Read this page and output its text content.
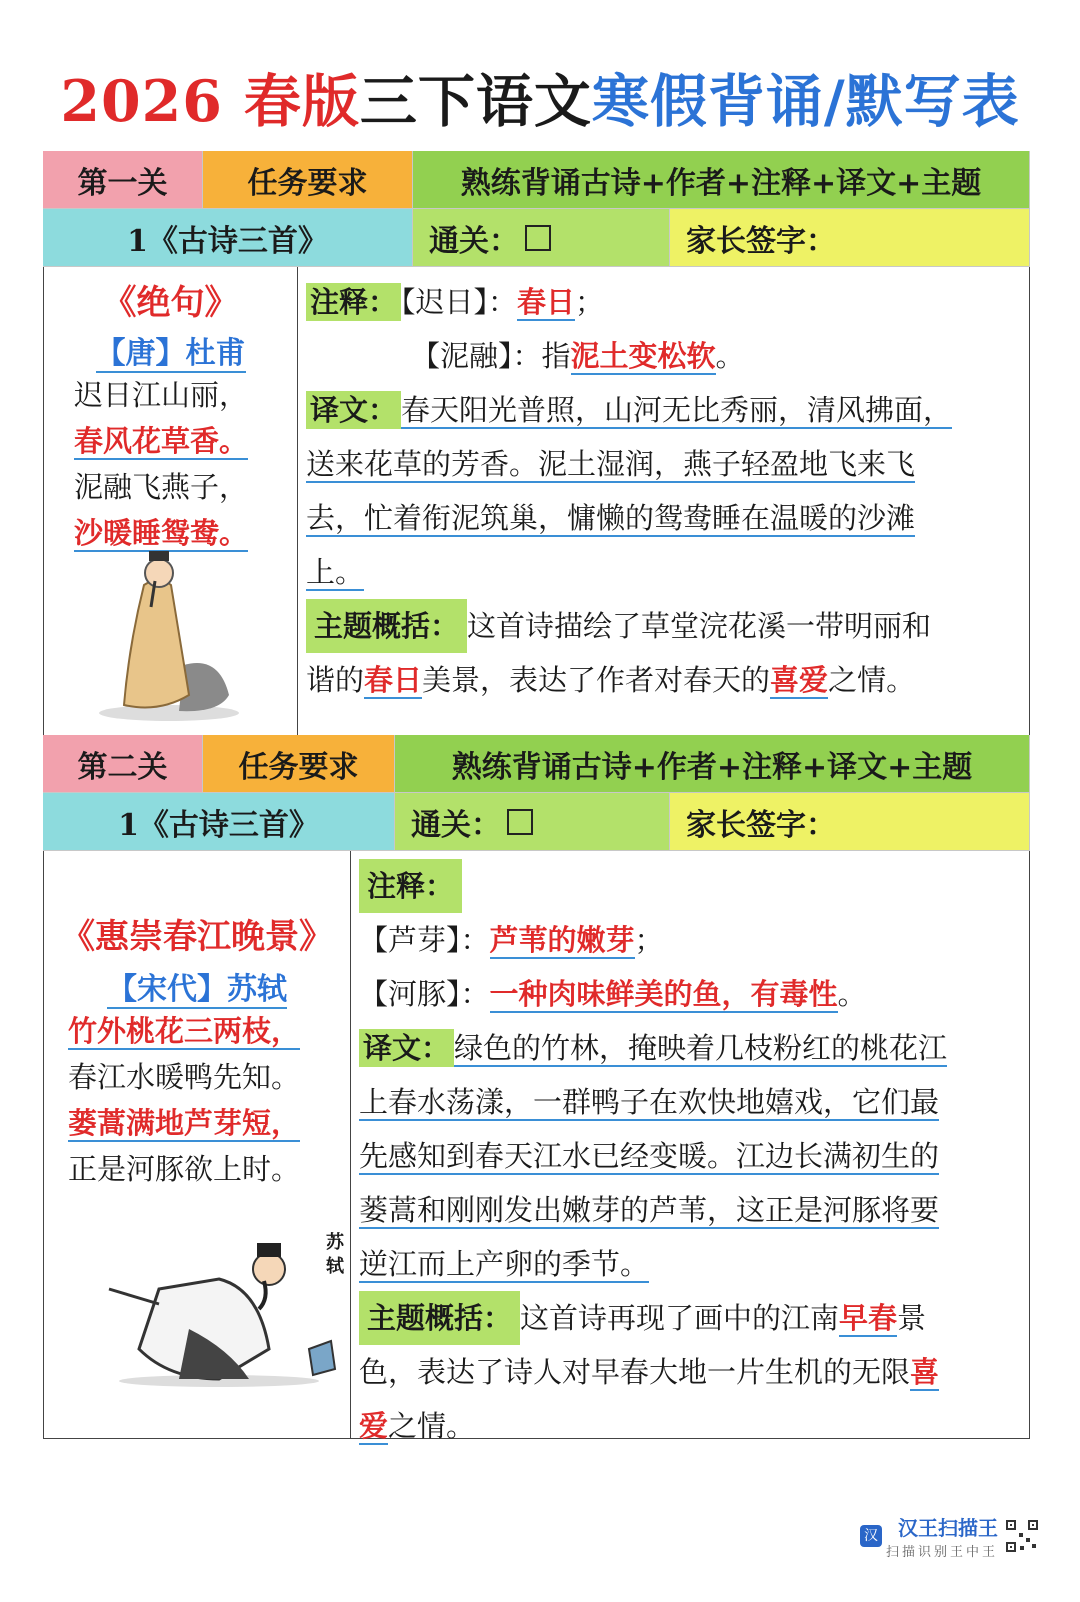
2026 春版三下语文寒假背诵/默写表
第一关	任务要求	熟练背诵古诗+作者+注释+译文+主题
1《古诗三首》	通关：	家长签字：
《绝句》
【唐】杜甫
迟日江山丽，
春风花草香。
泥融飞燕子，
沙暖睡鸳鸯。
注释： 【迟日】：春日；
【泥融】：指泥土变松软。
译文： 春天阳光普照，山河无比秀丽，清风拂面，
送来花草的芳香。泥土湿润，燕子轻盈地飞来飞
去，忙着衔泥筑巢，慵懒的鸳鸯睡在温暖的沙滩
上。
主题概括： 这首诗描绘了草堂浣花溪一带明丽和
谐的春日美景，表达了作者对春天的喜爱之情。
第二关	任务要求	熟练背诵古诗+作者+注释+译文+主题
1《古诗三首》	通关：	家长签字：
《惠崇春江晚景》
【宋代】苏轼
竹外桃花三两枝，
春江水暖鸭先知。
蒌蒿满地芦芽短，
正是河豚欲上时。
苏轼
注释：
【芦芽】：芦苇的嫩芽；
【河豚】：一种肉味鲜美的鱼，有毒性。
译文： 绿色的竹林，掩映着几枝粉红的桃花江
上春水荡漾，一群鸭子在欢快地嬉戏，它们最
先感知到春天江水已经变暖。江边长满初生的
蒌蒿和刚刚发出嫩芽的芦苇，这正是河豚将要
逆江而上产卵的季节。
主题概括： 这首诗再现了画中的江南早春景
色，表达了诗人对早春大地一片生机的无限喜
爱之情。
汉	汉王扫描王
扫描识别王中王
